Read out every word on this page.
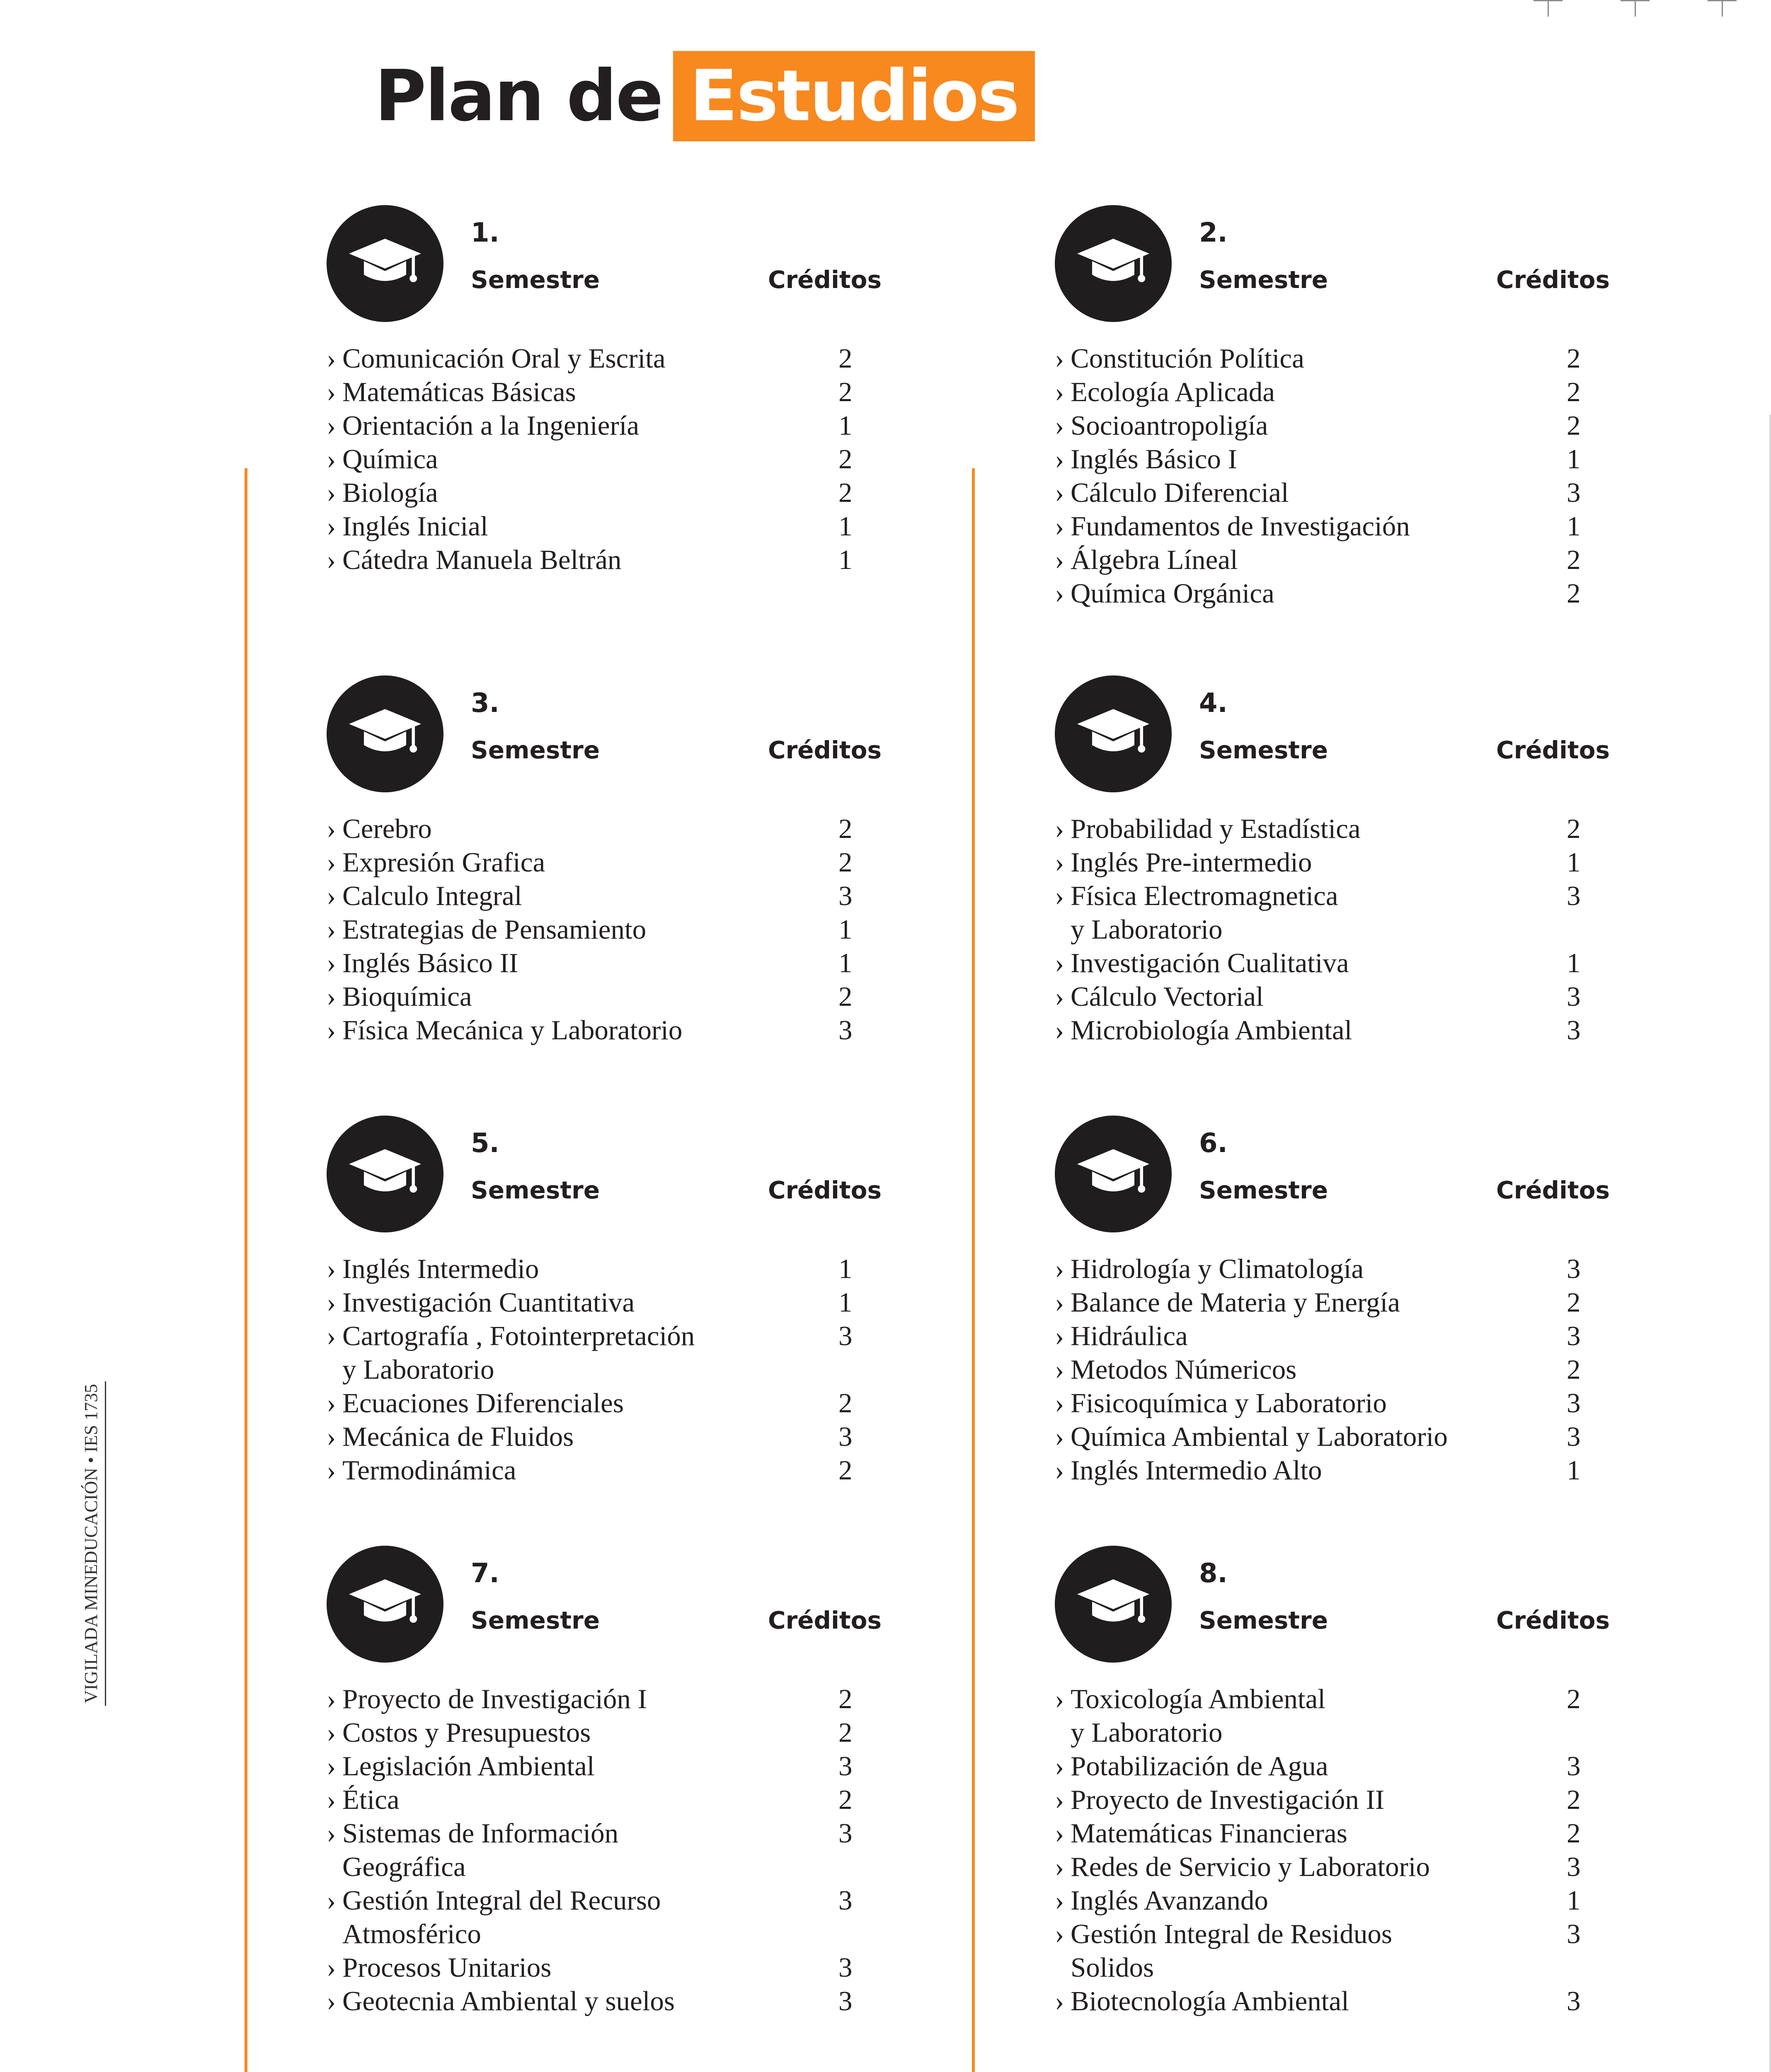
Plan de Estudios
VIGILADA MINEDUCACIÓN • IES 1735
1.
Semestre	Créditos
› Comunicación Oral y Escrita	2
› Matemáticas Básicas	2
› Orientación a la Ingeniería	1
› Química	2
› Biología	2
› Inglés Inicial	1
› Cátedra Manuela Beltrán	1
2.
Semestre	Créditos
› Constitución Política	2
› Ecología Aplicada	2
› Socioantropoligía	2
› Inglés Básico I	1
› Cálculo Diferencial	3
› Fundamentos de Investigación	1
› Álgebra Líneal	2
› Química Orgánica	2
3.
Semestre	Créditos
› Cerebro	2
› Expresión Grafica	2
› Calculo Integral	3
› Estrategias de Pensamiento	1
› Inglés Básico II	1
› Bioquímica	2
› Física Mecánica y Laboratorio	3
4.
Semestre	Créditos
› Probabilidad y Estadística	2
› Inglés Pre-intermedio	1
› Física Electromagnetica	3
y Laboratorio
› Investigación Cualitativa	1
› Cálculo Vectorial	3
› Microbiología Ambiental	3
5.
Semestre	Créditos
› Inglés Intermedio	1
› Investigación Cuantitativa	1
› Cartografía , Fotointerpretación	3
y Laboratorio
› Ecuaciones Diferenciales	2
› Mecánica de Fluidos	3
› Termodinámica	2
6.
Semestre	Créditos
› Hidrología y Climatología	3
› Balance de Materia y Energía	2
› Hidráulica	3
› Metodos Númericos	2
› Fisicoquímica y Laboratorio	3
› Química Ambiental y Laboratorio	3
› Inglés Intermedio Alto	1
7.
Semestre	Créditos
› Proyecto de Investigación I	2
› Costos y Presupuestos	2
› Legislación Ambiental	3
› Ética	2
› Sistemas de Información	3
Geográfica
› Gestión Integral del Recurso	3
Atmosférico
› Procesos Unitarios	3
› Geotecnia Ambiental y suelos	3
8.
Semestre	Créditos
› Toxicología Ambiental	2
y Laboratorio
› Potabilización de Agua	3
› Proyecto de Investigación II	2
› Matemáticas Financieras	2
› Redes de Servicio y Laboratorio	3
› Inglés Avanzando	1
› Gestión Integral de Residuos	3
Solidos
› Biotecnología Ambiental	3
